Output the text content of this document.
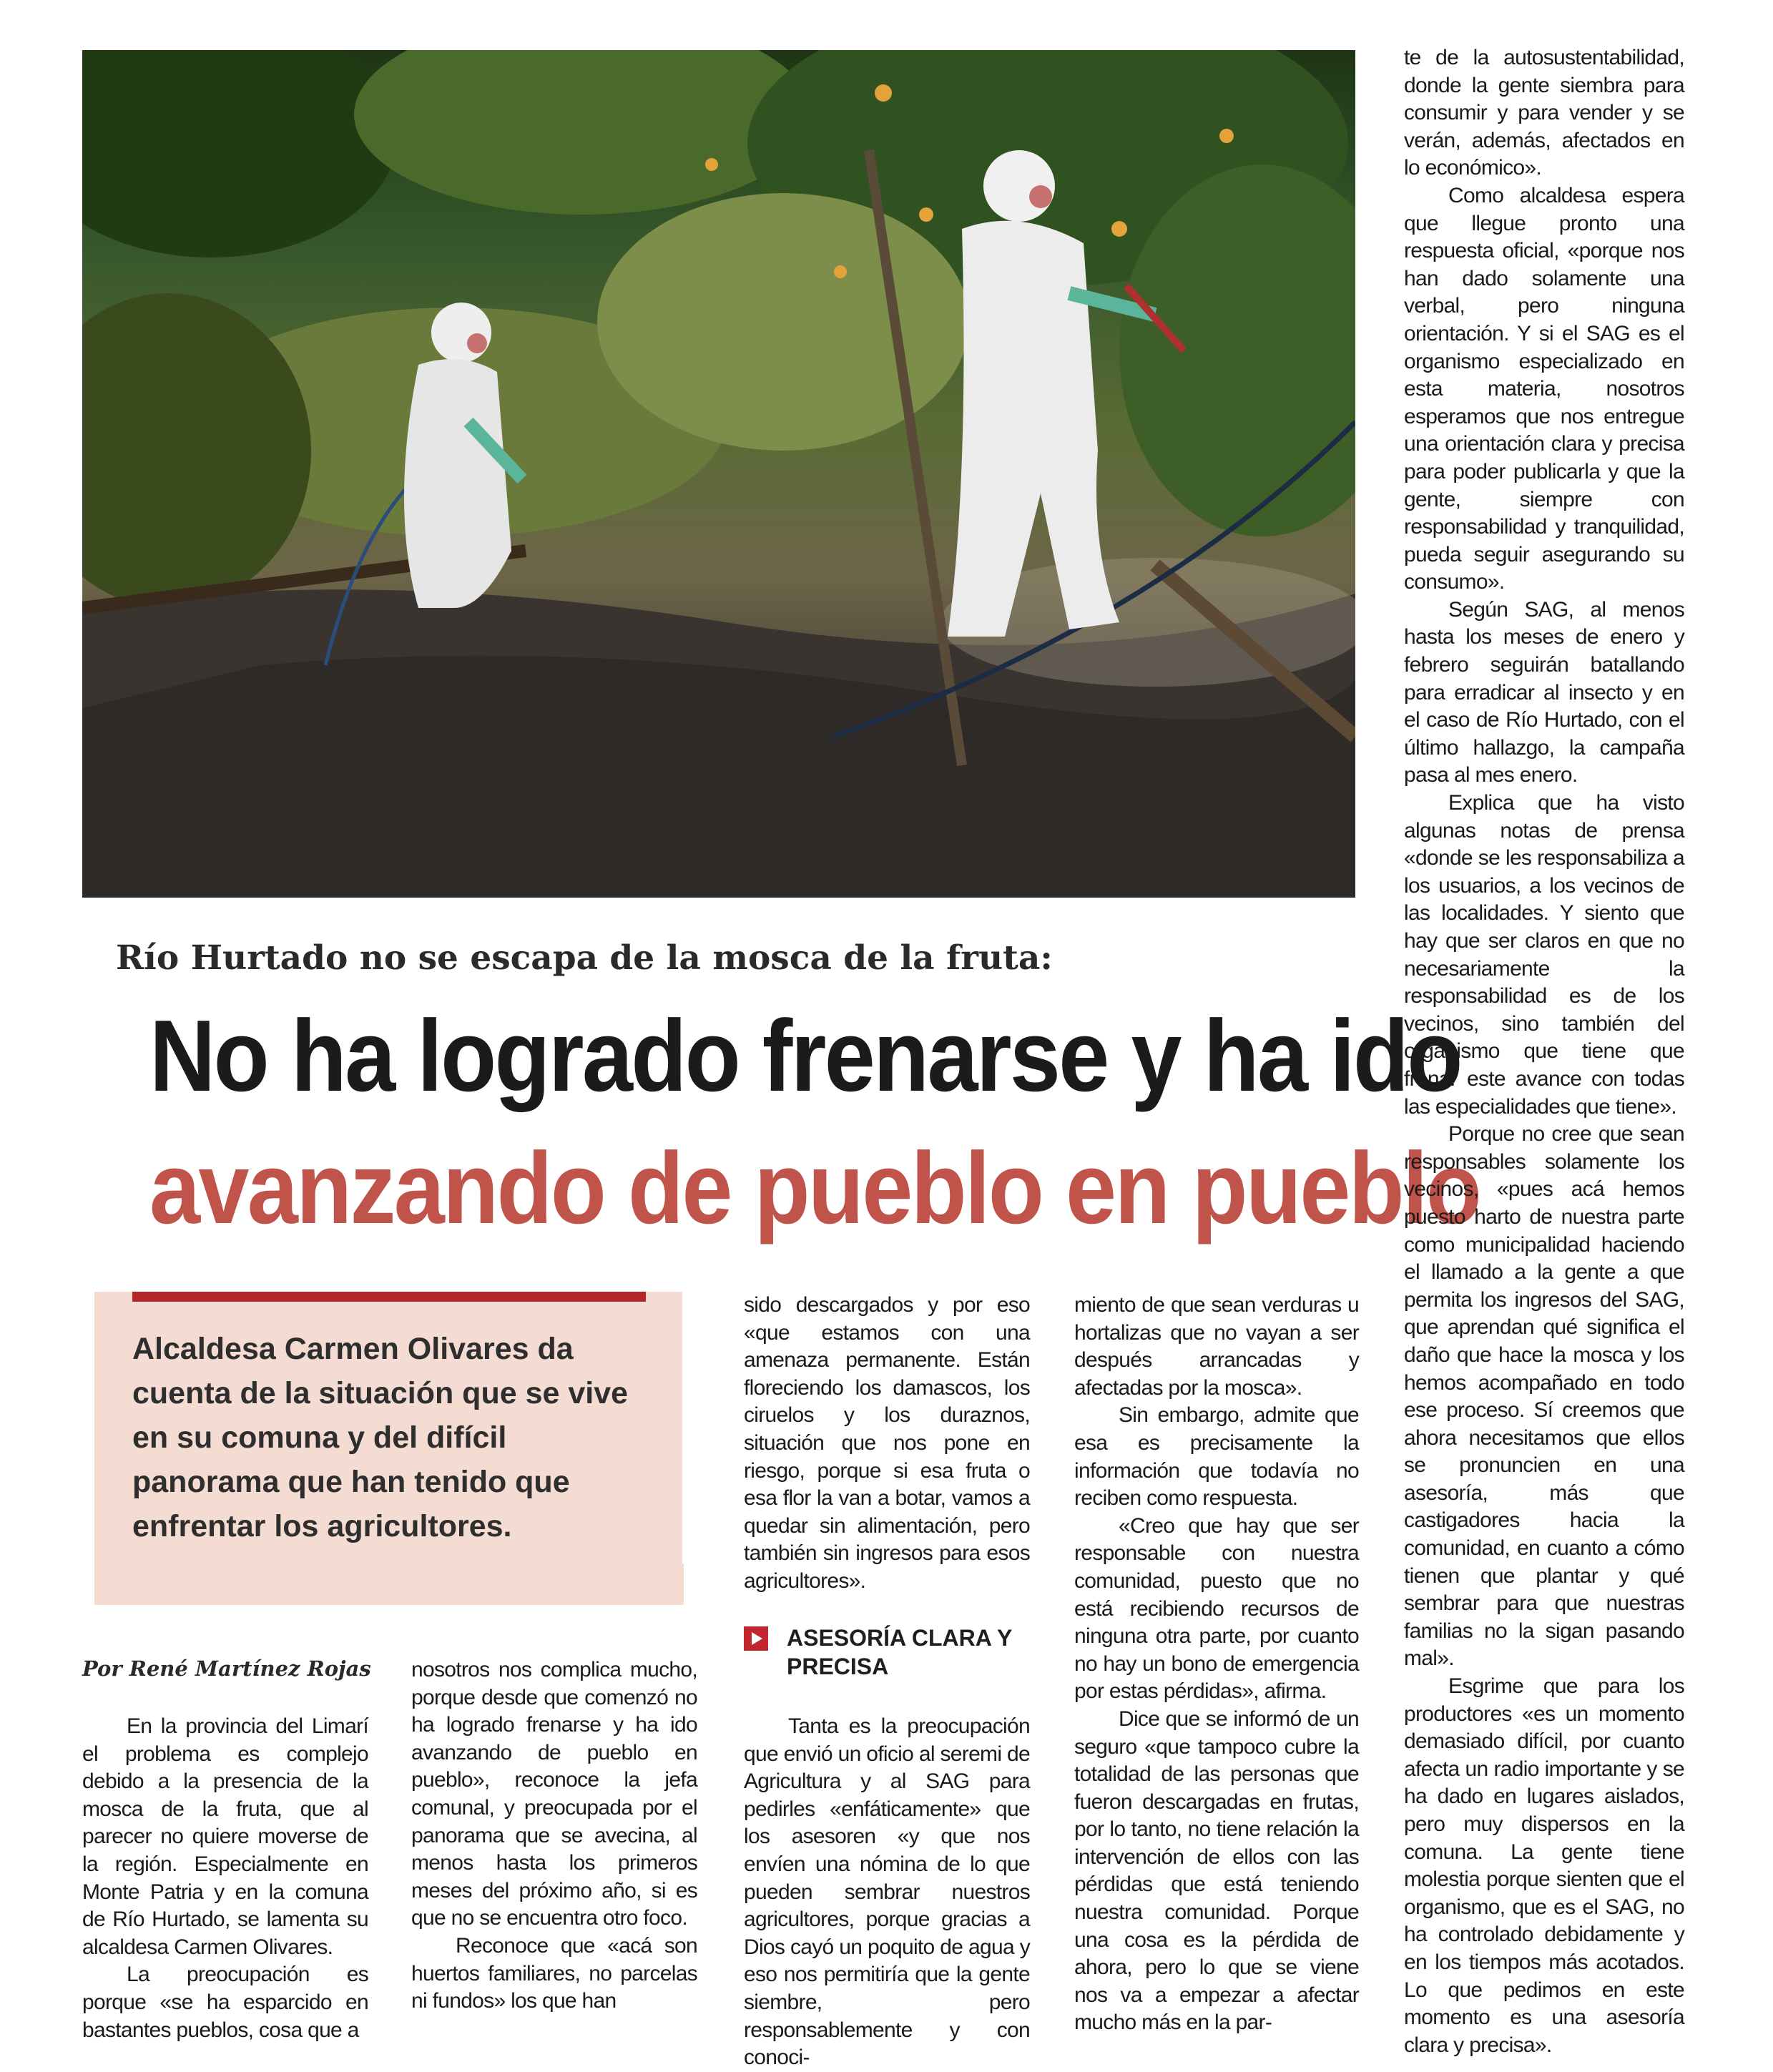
Río Hurtado no se escapa de la mosca de la fruta:
No ha logrado frenarse y ha ido
avanzando de pueblo en pueblo
Alcaldesa Carmen Olivares da cuenta de la situación que se vive en su comuna y del difícil panorama que han tenido que enfrentar los agricultores.
Por René Martínez Rojas

En la provincia del Limarí el problema es complejo debido a la presencia de la mosca de la fruta, que al parecer no quiere moverse de la región. Especialmente en Monte Patria y en la comuna de Río Hurtado, se lamenta su alcaldesa Carmen Olivares.

La preocupación es porque «se ha esparcido en bastantes pueblos, cosa que a

nosotros nos complica mucho, porque desde que comenzó no ha logrado frenarse y ha ido avanzando de pueblo en pueblo», reconoce la jefa comunal, y preocupada por el panorama que se avecina, al menos hasta los primeros meses del próximo año, si es que no se encuentra otro foco.

Reconoce que «acá son huertos familiares, no parcelas ni fundos» los que han

sido descargados y por eso «que estamos con una amenaza permanente. Están floreciendo los damascos, los ciruelos y los duraznos, situación que nos pone en riesgo, porque si esa fruta o esa flor la van a botar, vamos a quedar sin alimentación, pero también sin ingresos para esos agricultores».

ASESORÍA CLARA Y PRECISA

Tanta es la preocupación que envió un oficio al seremi de Agricultura y al SAG para pedirles «enfáticamente» que los asesoren «y que nos envíen una nómina de lo que pueden sembrar nuestros agricultores, porque gracias a Dios cayó un poquito de agua y eso nos permitiría que la gente siembre, pero responsablemente y con conoci-

miento de que sean verduras u hortalizas que no vayan a ser después arrancadas y afectadas por la mosca».

Sin embargo, admite que esa es precisamente la información que todavía no reciben como respuesta.

«Creo que hay que ser responsable con nuestra comunidad, puesto que no está recibiendo recursos de ninguna otra parte, por cuanto no hay un bono de emergencia por estas pérdidas», afirma.

Dice que se informó de un seguro «que tampoco cubre la totalidad de las personas que fueron descargadas en frutas, por lo tanto, no tiene relación la intervención de ellos con las pérdidas que está teniendo nuestra comunidad. Porque una cosa es la pérdida de ahora, pero lo que se viene nos va a empezar a afectar mucho más en la par-

te de la autosustentabilidad, donde la gente siembra para consumir y para vender y se verán, además, afectados en lo económico».

Como alcaldesa espera que llegue pronto una respuesta oficial, «porque nos han dado solamente una verbal, pero ninguna orientación. Y si el SAG es el organismo especializado en esta materia, nosotros esperamos que nos entregue una orientación clara y precisa para poder publicarla y que la gente, siempre con responsabilidad y tranquilidad, pueda seguir asegurando su consumo».

Según SAG, al menos hasta los meses de enero y febrero seguirán batallando para erradicar al insecto y en el caso de Río Hurtado, con el último hallazgo, la campaña pasa al mes enero.

Explica que ha visto algunas notas de prensa «donde se les responsabiliza a los usuarios, a los vecinos de las localidades. Y siento que hay que ser claros en que no necesariamente la responsabilidad es de los vecinos, sino también del organismo que tiene que frenar este avance con todas las especialidades que tiene».

Porque no cree que sean responsables solamente los vecinos, «pues acá hemos puesto harto de nuestra parte como municipalidad haciendo el llamado a la gente a que permita los ingresos del SAG, que aprendan qué significa el daño que hace la mosca y los hemos acompañado en todo ese proceso. Sí creemos que ahora necesitamos que ellos se pronuncien en una asesoría, más que castigadores hacia la comunidad, en cuanto a cómo tienen que plantar y qué sembrar para que nuestras familias no la sigan pasando mal».

Esgrime que para los productores «es un momento demasiado difícil, por cuanto afecta un radio importante y se ha dado en lugares aislados, pero muy dispersos en la comuna. La gente tiene molestia porque sienten que el organismo, que es el SAG, no ha controlado debidamente y en los tiempos más acotados. Lo que pedimos en este momento es una asesoría clara y precisa».
